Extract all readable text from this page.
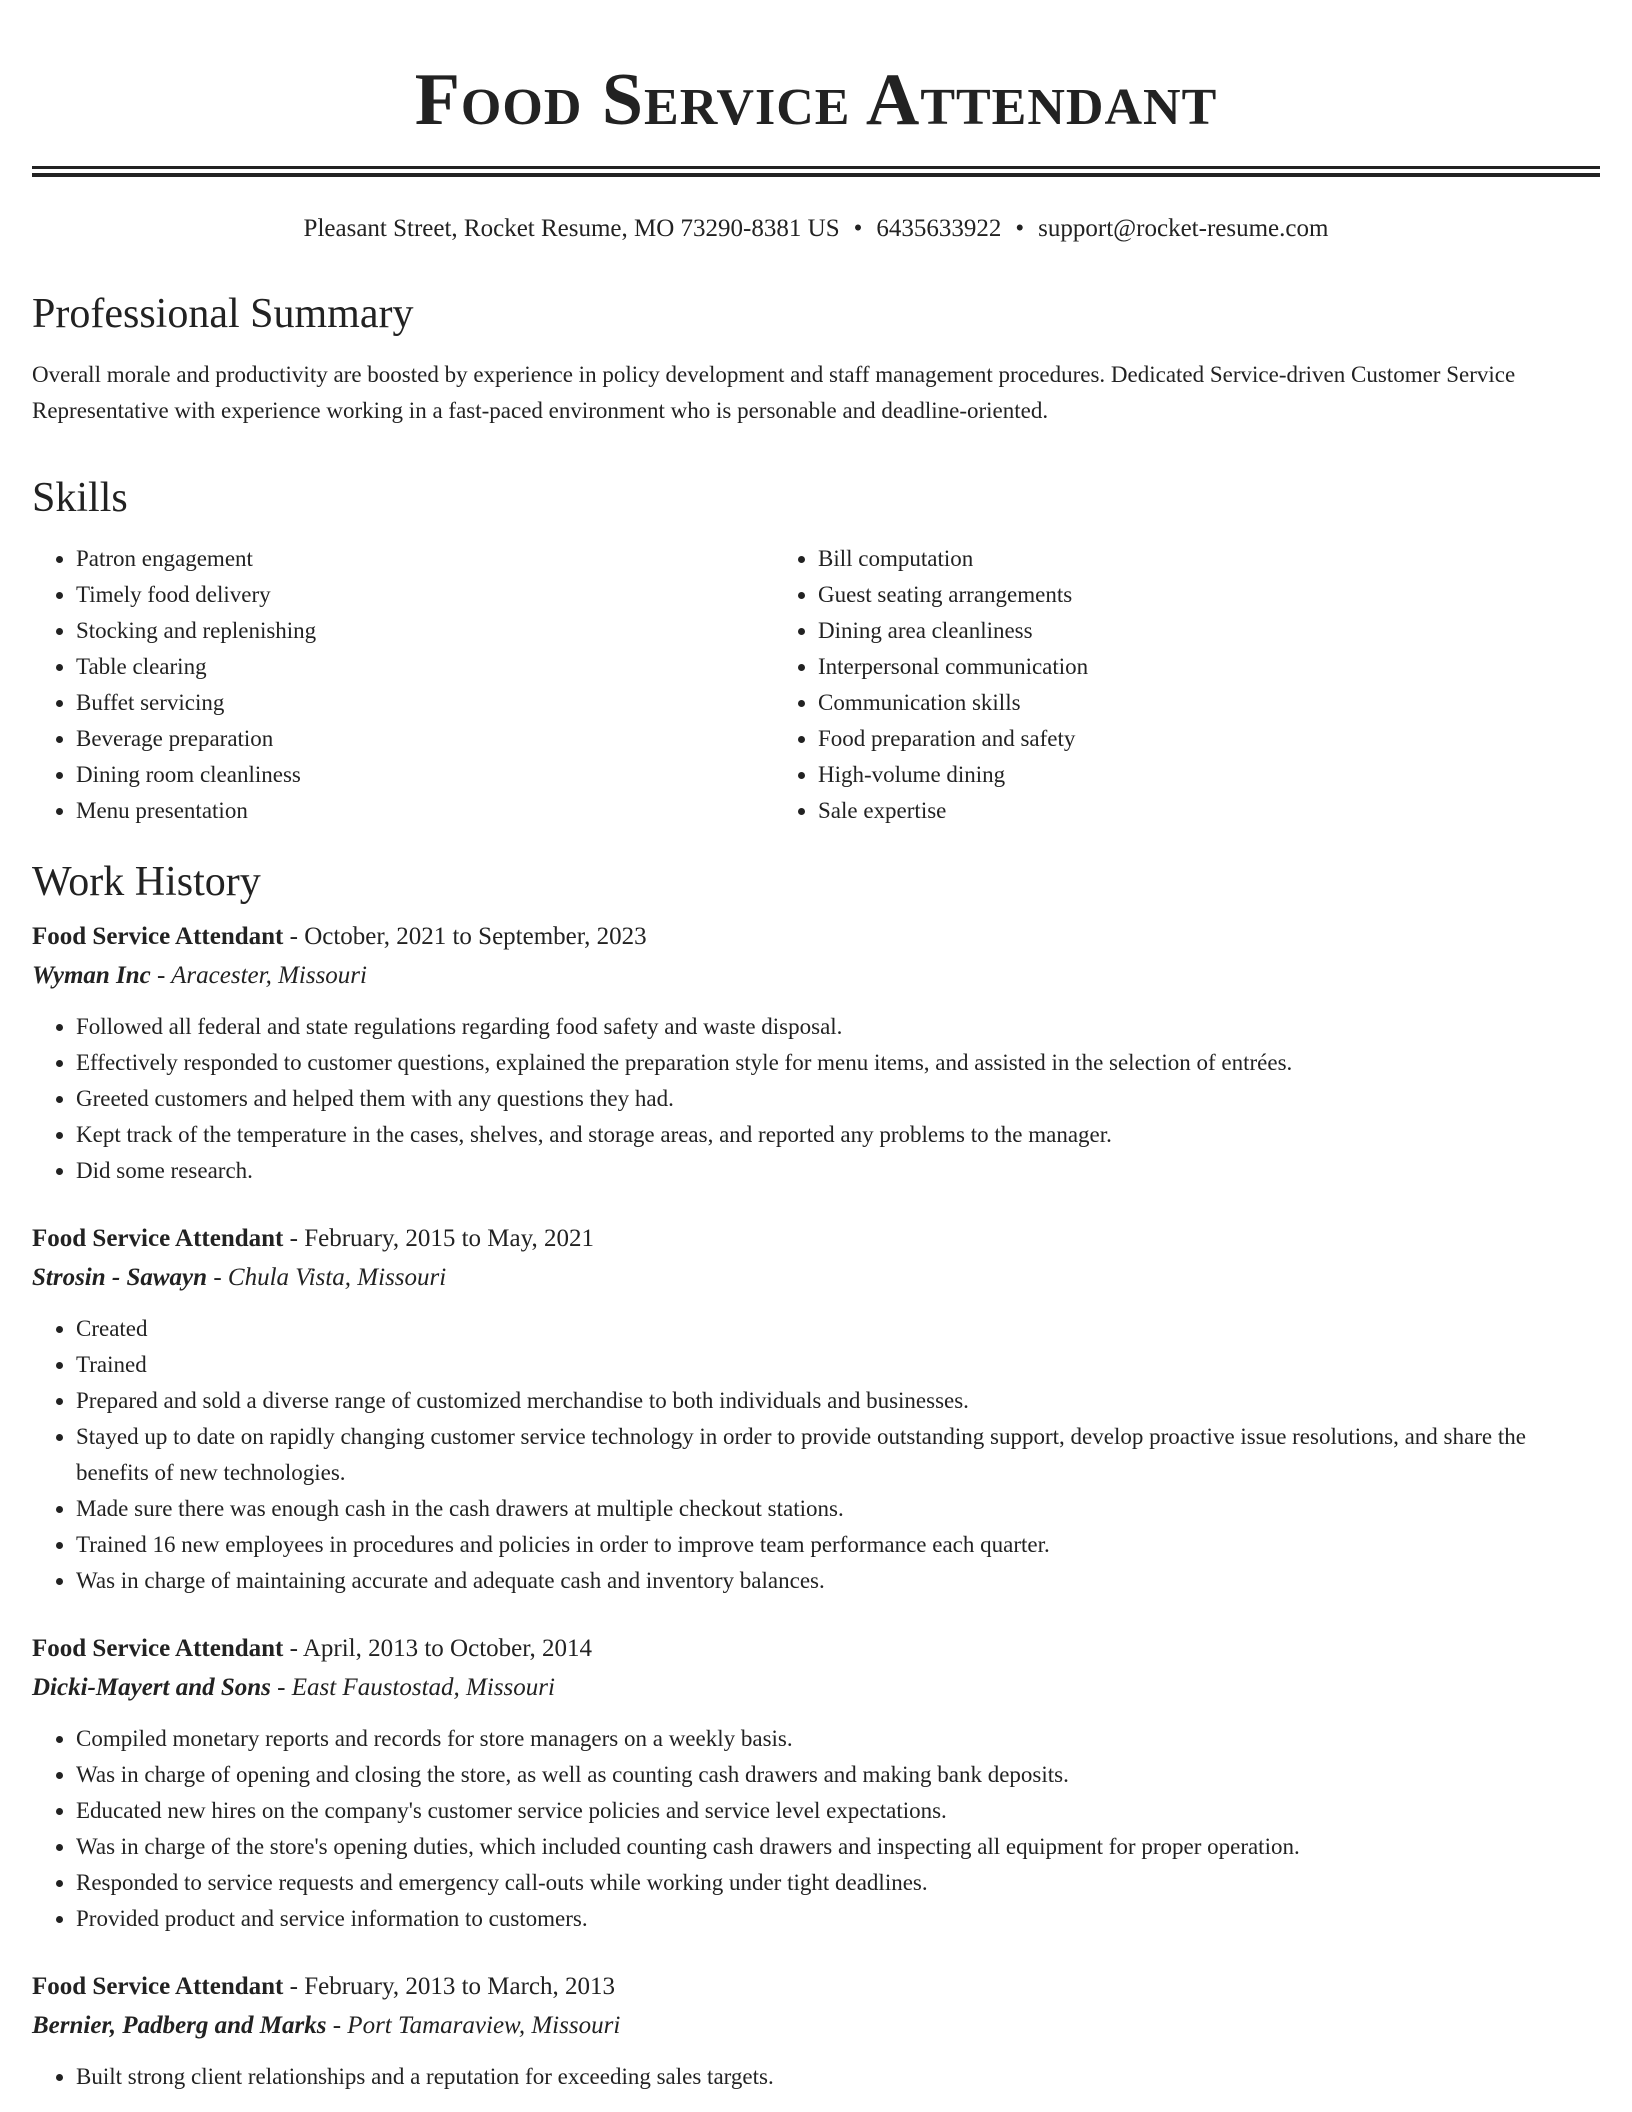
Food Service Attendant
Pleasant Street, Rocket Resume, MO 73290-8381 US • 6435633922 • support@rocket-resume.com
Professional Summary

Overall morale and productivity are boosted by experience in policy development and staff management procedures. Dedicated Service-driven Customer Service Representative with experience working in a fast-paced environment who is personable and deadline-oriented.

Skills
• Patron engagement
• Timely food delivery
• Stocking and replenishing
• Table clearing
• Buffet servicing
• Beverage preparation
• Dining room cleanliness
• Menu presentation
• Bill computation
• Guest seating arrangements
• Dining area cleanliness
• Interpersonal communication
• Communication skills
• Food preparation and safety
• High-volume dining
• Sale expertise
Work History
Food Service Attendant - October, 2021 to September, 2023
Wyman Inc - Aracester, Missouri
• Followed all federal and state regulations regarding food safety and waste disposal.
• Effectively responded to customer questions, explained the preparation style for menu items, and assisted in the selection of entrées.
• Greeted customers and helped them with any questions they had.
• Kept track of the temperature in the cases, shelves, and storage areas, and reported any problems to the manager.
• Did some research.
Food Service Attendant - February, 2015 to May, 2021
Strosin - Sawayn - Chula Vista, Missouri
• Created
• Trained
• Prepared and sold a diverse range of customized merchandise to both individuals and businesses.
• Stayed up to date on rapidly changing customer service technology in order to provide outstanding support, develop proactive issue resolutions, and share the benefits of new technologies.
• Made sure there was enough cash in the cash drawers at multiple checkout stations.
• Trained 16 new employees in procedures and policies in order to improve team performance each quarter.
• Was in charge of maintaining accurate and adequate cash and inventory balances.
Food Service Attendant - April, 2013 to October, 2014
Dicki-Mayert and Sons - East Faustostad, Missouri
• Compiled monetary reports and records for store managers on a weekly basis.
• Was in charge of opening and closing the store, as well as counting cash drawers and making bank deposits.
• Educated new hires on the company's customer service policies and service level expectations.
• Was in charge of the store's opening duties, which included counting cash drawers and inspecting all equipment for proper operation.
• Responded to service requests and emergency call-outs while working under tight deadlines.
• Provided product and service information to customers.
Food Service Attendant - February, 2013 to March, 2013
Bernier, Padberg and Marks - Port Tamaraview, Missouri
• Built strong client relationships and a reputation for exceeding sales targets.
